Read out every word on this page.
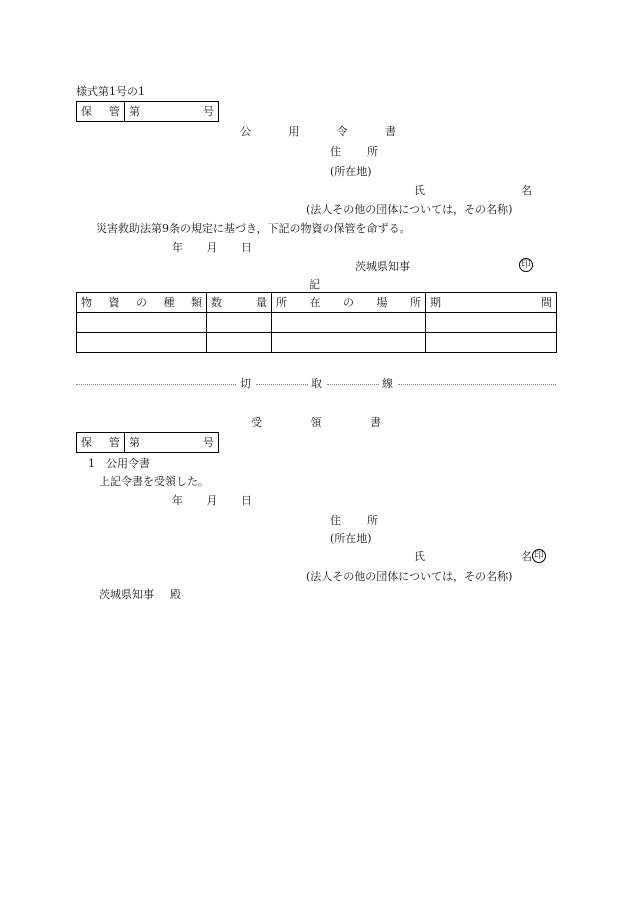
様式第1号の1
保 管 第	号
公	用	令	書
住 所
(所在地)
氏	名
(法人その他の団体については，その名称)
災害救助法第9条の規定に基づき，下記の物資の保管を命ずる。
年 月 日
茨城県知事	印
記
物 資 の 種 類	数 量	所 在 の 場 所	期 間

切	取	線
受	領	書
保 管 第	号
1　公用令書
上記令書を受領した。
年 月 日
住 所
(所在地)
氏	名 印
(法人その他の団体については，その名称)
茨城県知事 殿
